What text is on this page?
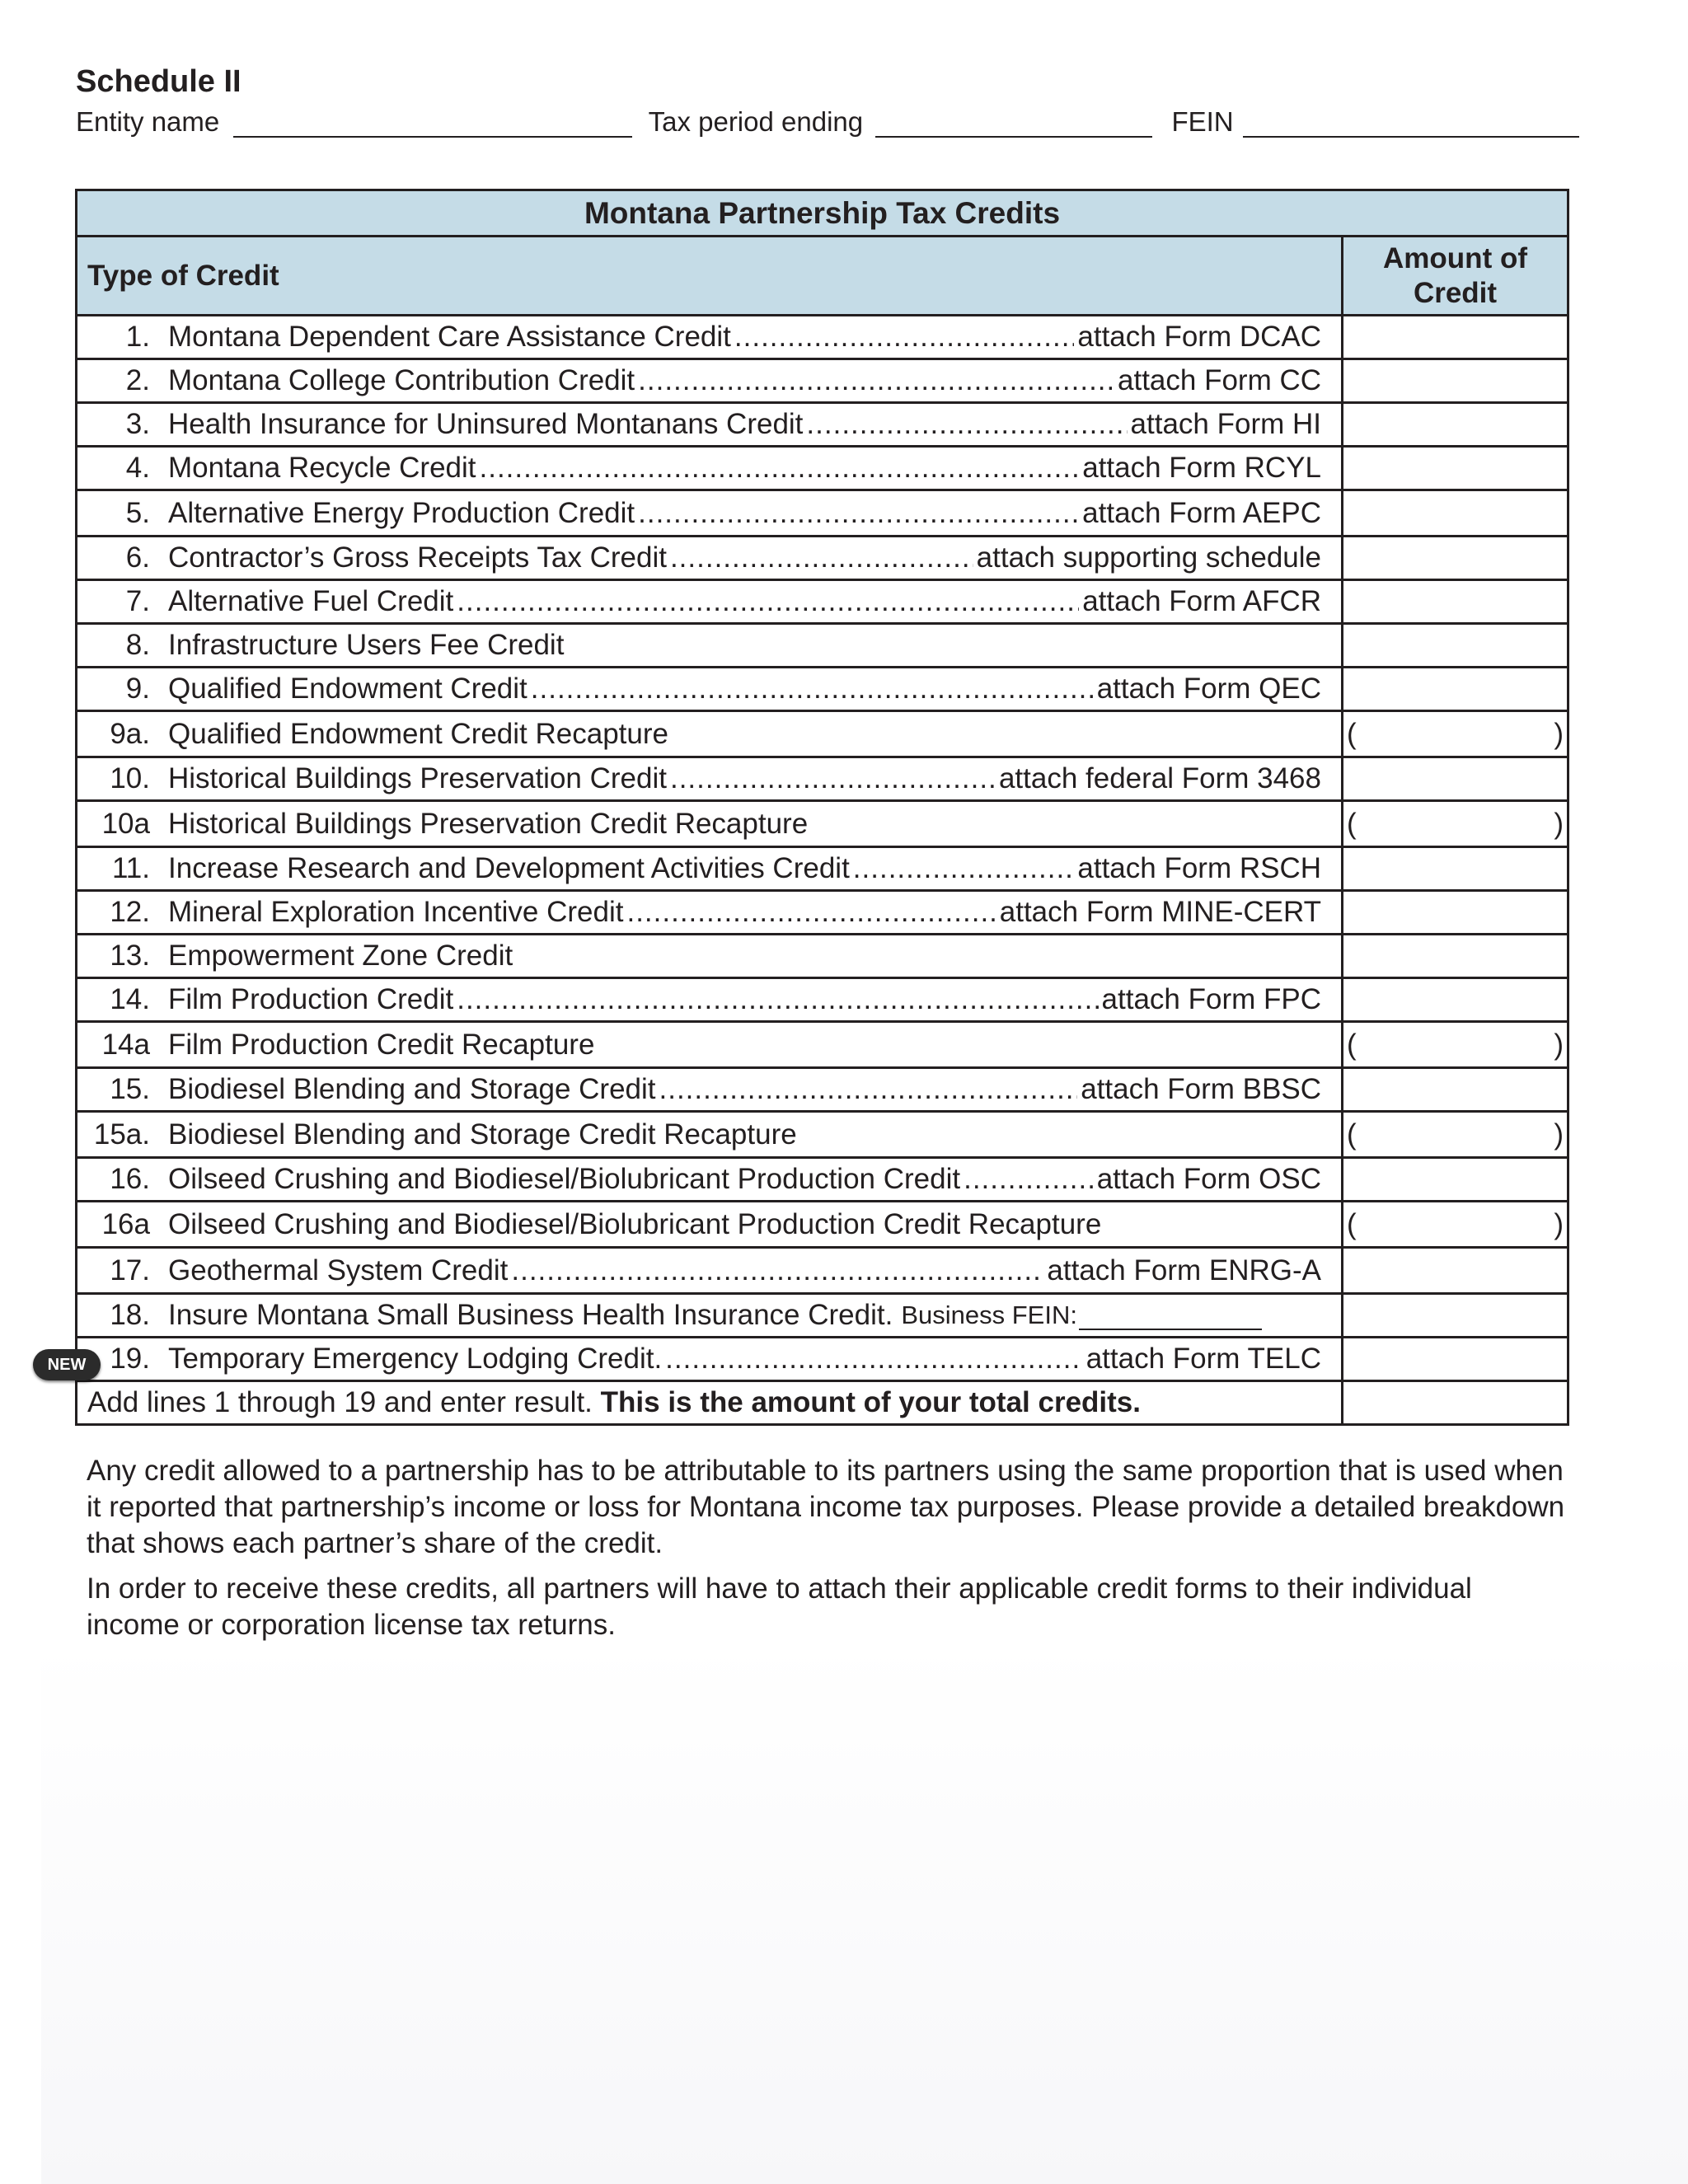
Schedule II
Entity name	Tax period ending	FEIN
Montana Partnership Tax Credits	
Type of Credit	Amount of Credit

1. Montana Dependent Care Assistance Credit ..... attach Form DCAC

2. Montana College Contribution Credit ..... attach Form CC

3. Health Insurance for Uninsured Montanans Credit ..... attach Form HI

4. Montana Recycle Credit ..... attach Form RCYL

5. Alternative Energy Production Credit ..... attach Form AEPC

6. Contractor’s Gross Receipts Tax Credit ..... attach supporting schedule

7. Alternative Fuel Credit ..... attach Form AFCR

8. Infrastructure Users Fee Credit	

9. Qualified Endowment Credit ..... attach Form QEC

9a. Qualified Endowment Credit Recapture	( )

10. Historical Buildings Preservation Credit ..... attach federal Form 3468

10a Historical Buildings Preservation Credit Recapture	( )

11. Increase Research and Development Activities Credit ..... attach Form RSCH

12. Mineral Exploration Incentive Credit ..... attach Form MINE-CERT

13. Empowerment Zone Credit	

14. Film Production Credit ..... attach Form FPC

14a Film Production Credit Recapture	( )

15. Biodiesel Blending and Storage Credit ..... attach Form BBSC

15a. Biodiesel Blending and Storage Credit Recapture	( )

16. Oilseed Crushing and Biodiesel/Biolubricant Production Credit ..... attach Form OSC

16a Oilseed Crushing and Biodiesel/Biolubricant Production Credit Recapture	( )

17. Geothermal System Credit ..... attach Form ENRG-A

18. Insure Montana Small Business Health Insurance Credit. Business FEIN:	

19. Temporary Emergency Lodging Credit. ..... attach Form TELC

Add lines 1 through 19 and enter result. This is the amount of your total credits.	
NEW
Any credit allowed to a partnership has to be attributable to its partners using the same proportion that is used when it reported that partnership’s income or loss for Montana income tax purposes. Please provide a detailed breakdown that shows each partner’s share of the credit.
In order to receive these credits, all partners will have to attach their applicable credit forms to their individual income or corporation license tax returns.
